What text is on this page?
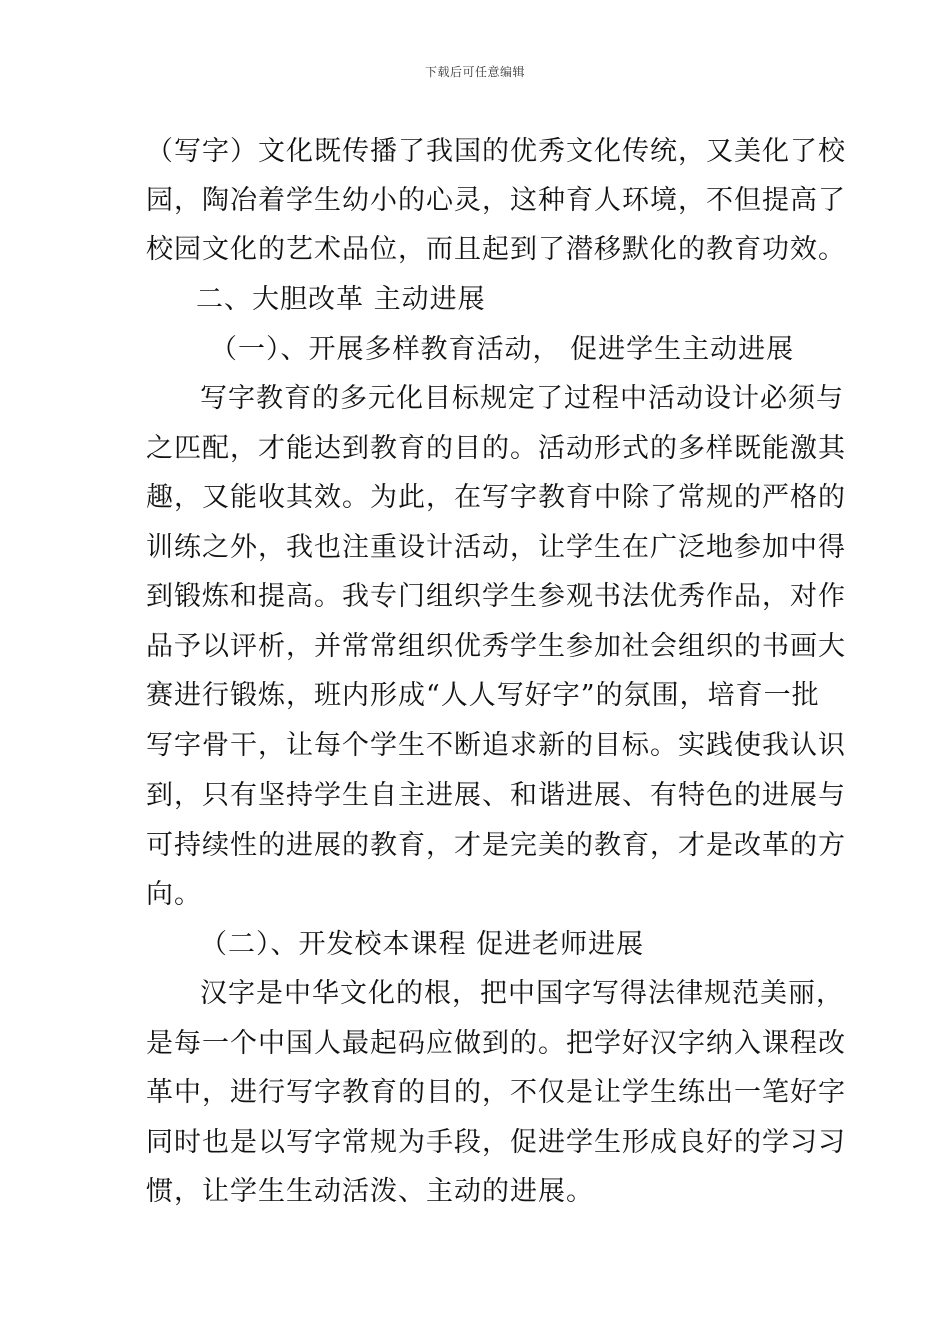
下载后可任意编辑
（写字）文化既传播了我国的优秀文化传统，又美化了校
园，陶冶着学生幼小的心灵，这种育人环境，不但提高了
校园文化的艺术品位，而且起到了潜移默化的教育功效。
二、大胆改革 主动进展
（一）、开展多样教育活动， 促进学生主动进展
写字教育的多元化目标规定了过程中活动设计必须与
之匹配，才能达到教育的目的。活动形式的多样既能激其
趣，又能收其效。为此，在写字教育中除了常规的严格的
训练之外，我也注重设计活动，让学生在广泛地参加中得
到锻炼和提高。我专门组织学生参观书法优秀作品，对作
品予以评析，并常常组织优秀学生参加社会组织的书画大
赛进行锻炼，班内形成“人人写好字”的氛围，培育一批
写字骨干，让每个学生不断追求新的目标。实践使我认识
到，只有坚持学生自主进展、和谐进展、有特色的进展与
可持续性的进展的教育，才是完美的教育，才是改革的方
向。
（二）、开发校本课程 促进老师进展
汉字是中华文化的根，把中国字写得法律规范美丽，
是每一个中国人最起码应做到的。把学好汉字纳入课程改
革中，进行写字教育的目的，不仅是让学生练出一笔好字
同时也是以写字常规为手段，促进学生形成良好的学习习
惯，让学生生动活泼、主动的进展。
